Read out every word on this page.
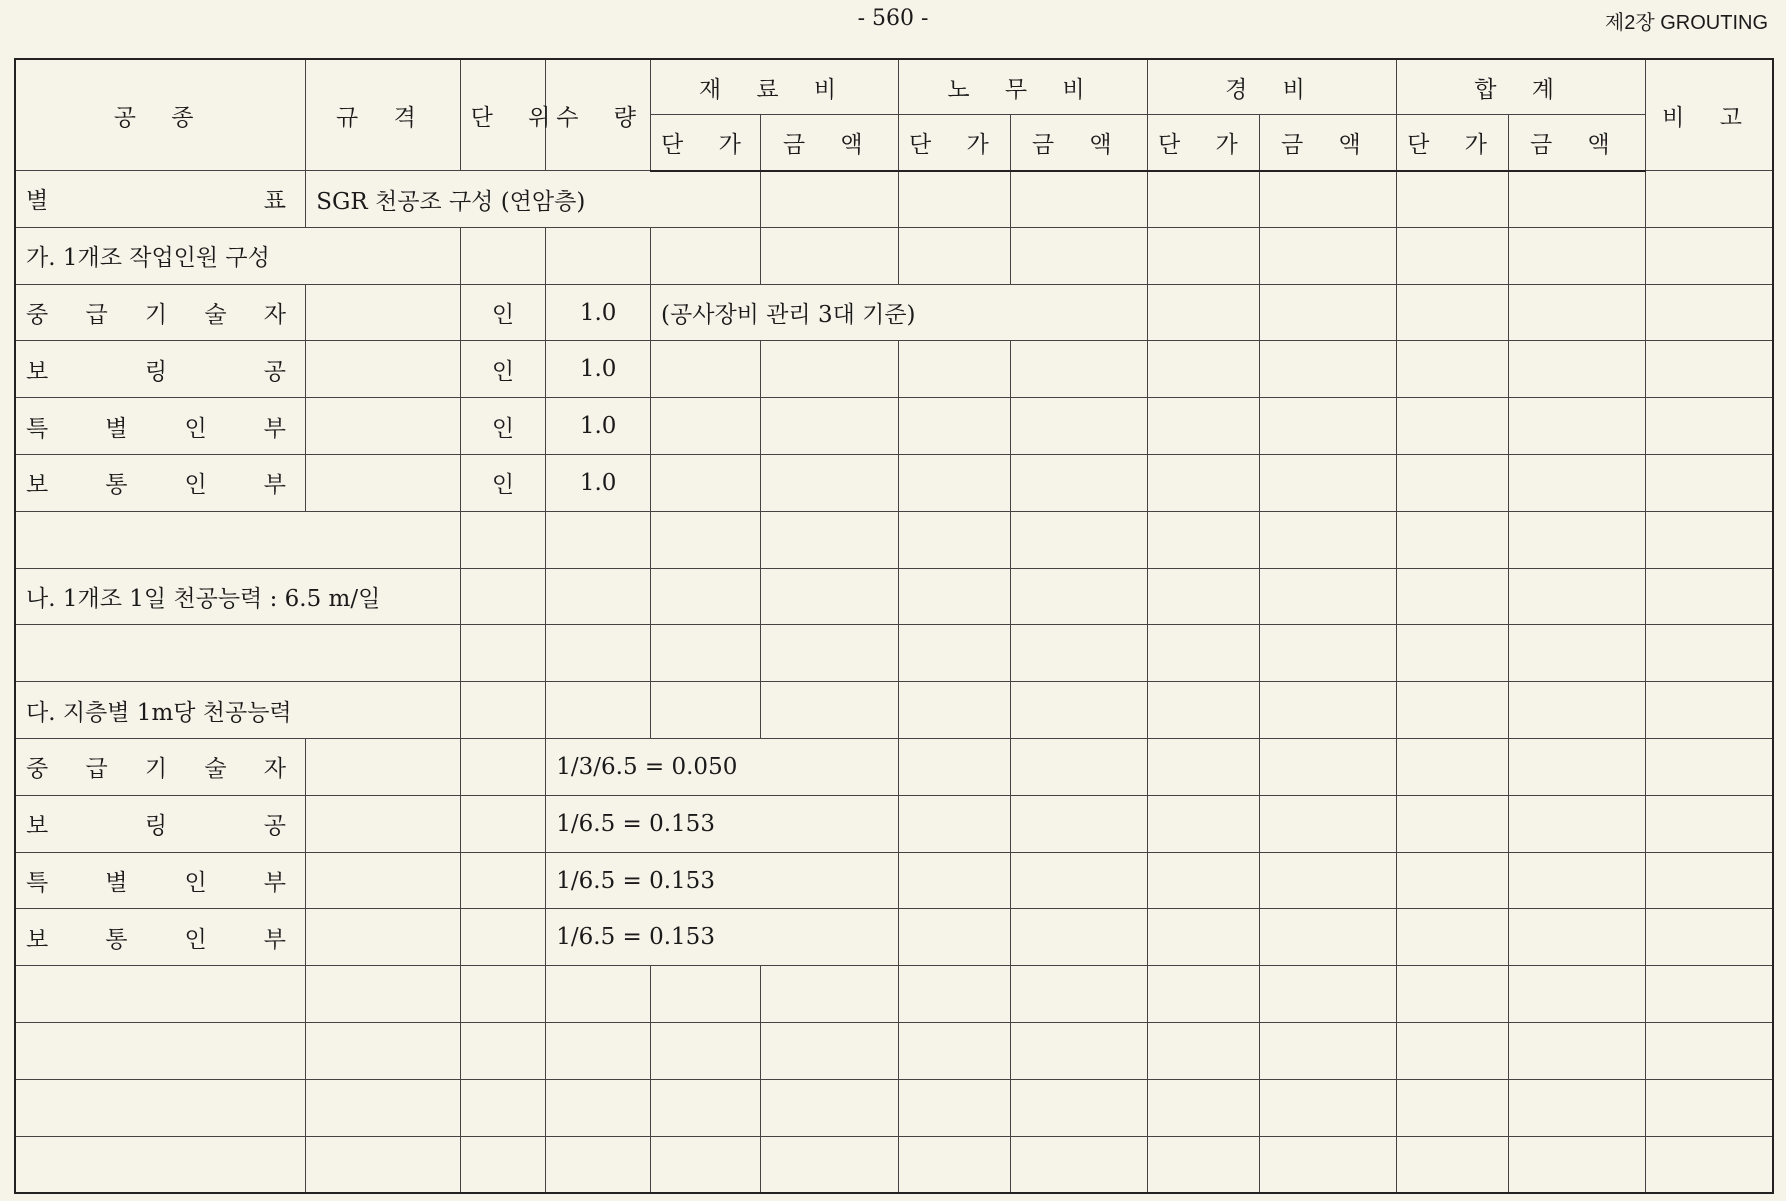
- 560 -	제2장 GROUTING
공 종	규 격	단 위	수 량	재 료 비		노 무 비		경 비		합 계		비 고
				단 가	금 액	단 가	금 액	단 가	금 액	단 가	금 액	

별 표	SGR 천공조 구성 (연암층)											
가. 1개조 작업인원 구성												

중 급 기 술 자		인	1.0	(공사장비 관리 3대 기준)								

보 링 공		인	1.0									

특 별 인 부		인	1.0									

보 통 인 부		인	1.0									

나. 1개조 1일 천공능력 : 6.5 m/일												

다. 지층별 1m당 천공능력												

중 급 기 술 자			1/3/6.5 = 0.050									

보 링 공			1/6.5 = 0.153									

특 별 인 부			1/6.5 = 0.153									

보 통 인 부			1/6.5 = 0.153									
